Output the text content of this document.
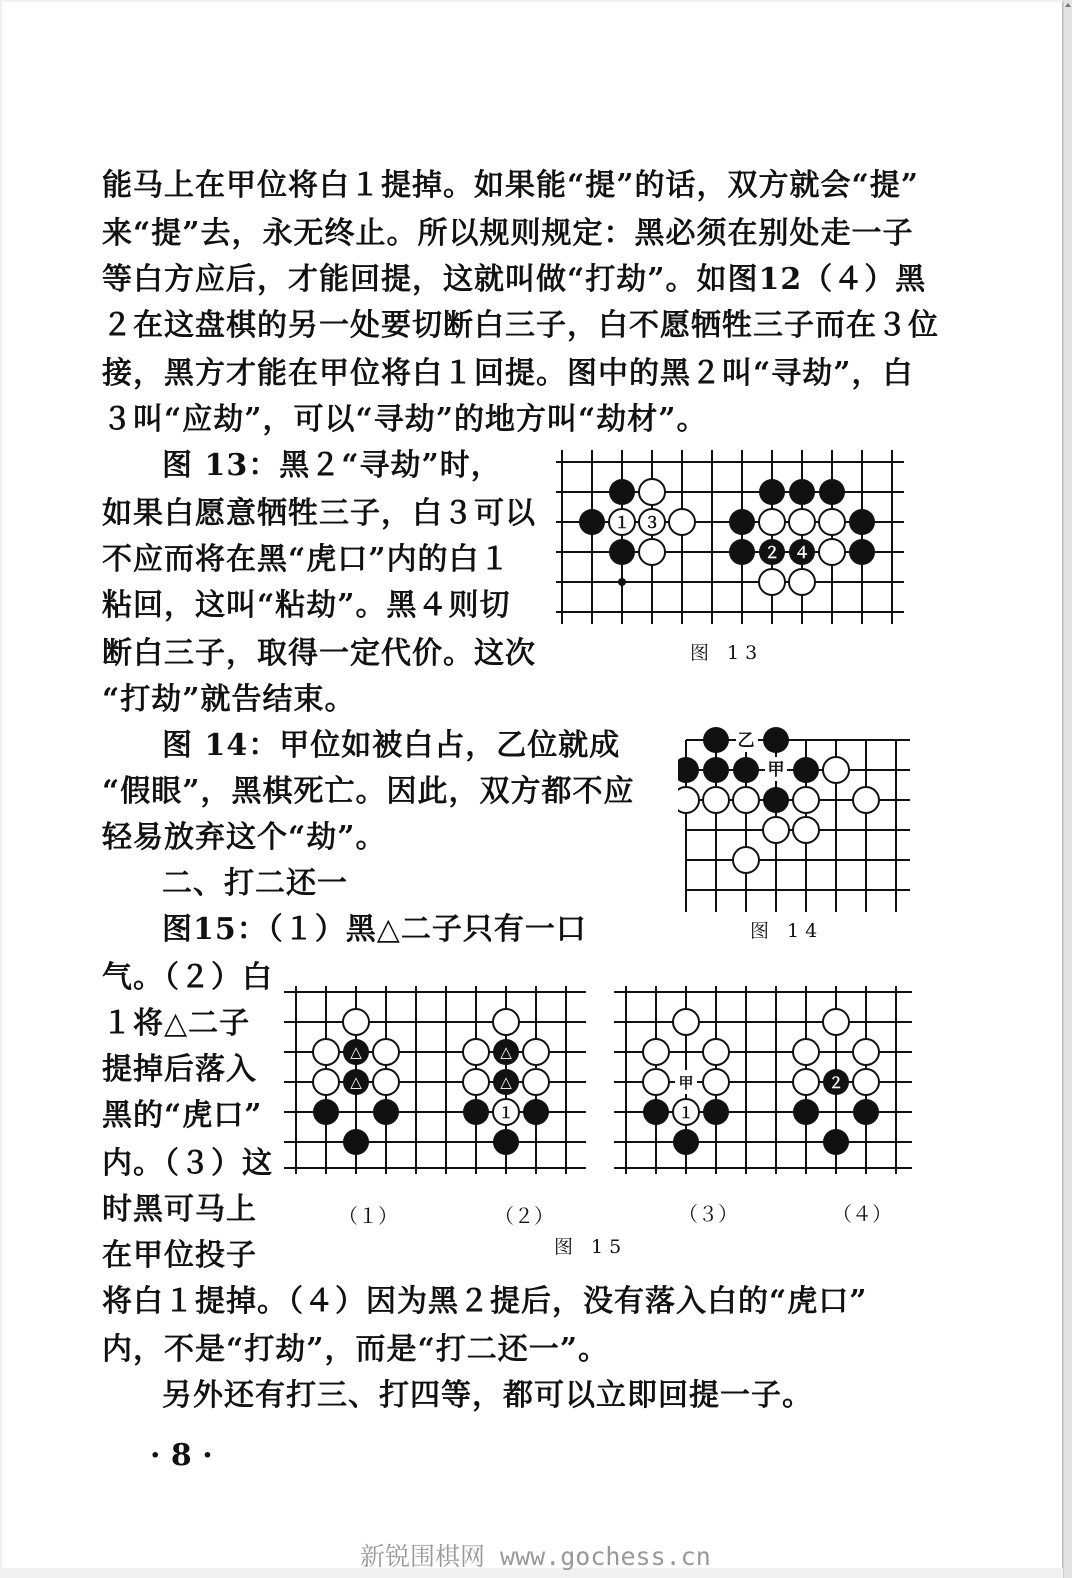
能马上在甲位将白１提掉。如果能“提”的话，双方就会“提”
来“提”去，永无终止。所以规则规定：黑必须在别处走一子
等白方应后，才能回提，这就叫做“打劫”。如图12（４）黑
２在这盘棋的另一处要切断白三子，白不愿牺牲三子而在３位
接，黑方才能在甲位将白１回提。图中的黑２叫“寻劫”，白
３叫“应劫”，可以“寻劫”的地方叫“劫材”。
图 13：黑２“寻劫”时，
如果白愿意牺牲三子，白３可以
不应而将在黑“虎口”内的白１
粘回，这叫“粘劫”。黑４则切
断白三子，取得一定代价。这次
“打劫”就告结束。
图 14：甲位如被白占，乙位就成
“假眼”，黑棋死亡。因此，双方都不应
轻易放弃这个“劫”。
二、打二还一
图15：（１）黑△二子只有一口
气。（２）白
１将△二子
提掉后落入
黑的“虎口”
内。（３）这
时黑可马上
在甲位投子
将白１提掉。（４）因为黑２提后，没有落入白的“虎口”
内，不是“打劫”，而是“打二还一”。
另外还有打三、打四等，都可以立即回提一子。
１ ３
２ ４
图 13
乙
甲
图 14
△
△
△
△
１	１
甲	２
（１）	（２）	（３）	（４）
图 15
· 8 ·
新锐围棋网 www.gochess.cn
